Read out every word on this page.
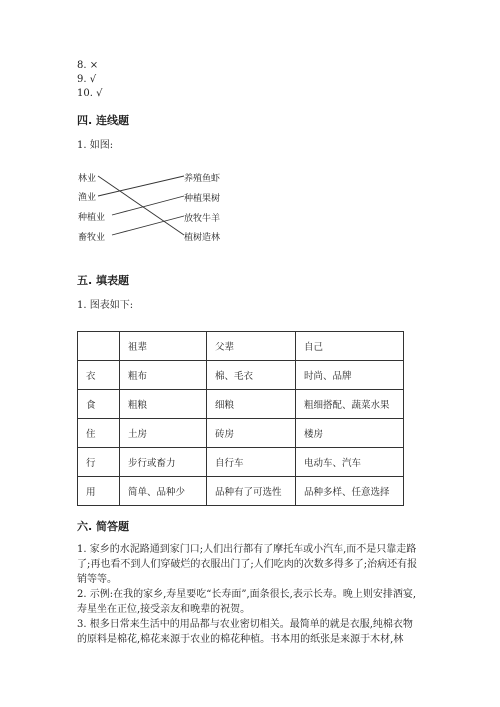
8. ×
9. √
10. √
四. 连线题
1. 如图:
林业
渔业
种植业
畜牧业
养殖鱼虾
种植果树
放牧牛羊
植树造林
五. 填表题
1. 图表如下:
	祖辈	父辈	自己
衣	粗布	棉、毛衣	时尚、品牌
食	粗粮	细粮	粗细搭配、蔬菜水果
住	土房	砖房	楼房
行	步行或畜力	自行车	电动车、汽车
用	简单、品种少	品种有了可选性	品种多样、任意选择
六. 简答题
1. 家乡的水泥路通到家门口;人们出行都有了摩托车或小汽车,而不是只靠走路了;再也看不到人们穿破烂的衣服出门了;人们吃肉的次数多得多了;治病还有报销等等。
2. 示例:在我的家乡,寿星要吃“长寿面”,面条很长,表示长寿。晚上则安排酒宴,寿星坐在正位,接受亲友和晚辈的祝贺。
3. 根多日常来生活中的用品都与农业密切相关。最简单的就是衣服,纯棉衣物的原料是棉花,棉花来源于农业的棉花种植。书本用的纸张是来源于木材,林
